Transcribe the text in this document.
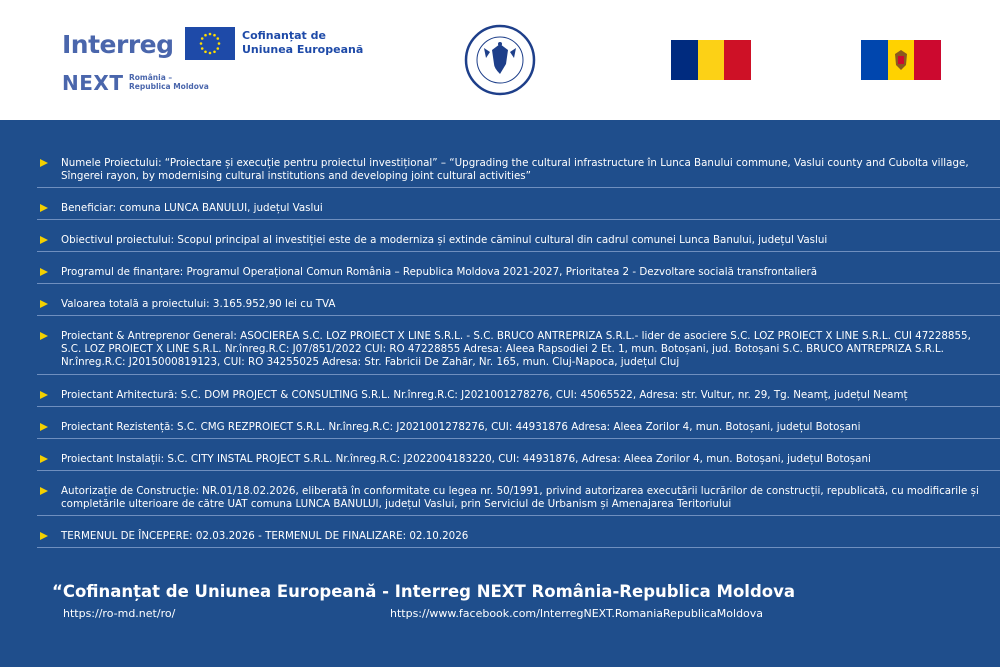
Interreg
NEXT România –
Republica Moldova
Cofinanțat de
Uniunea Europeană
Numele Proiectului: “Proiectare și execuție pentru proiectul investițional” – “Upgrading the cultural infrastructure în Lunca Banului commune, Vaslui county and Cubolta village, Sîngerei rayon, by modernising cultural institutions and developing joint cultural activities”
Beneficiar: comuna LUNCA BANULUI, județul Vaslui
Obiectivul proiectului: Scopul principal al investiției este de a moderniza și extinde căminul cultural din cadrul comunei Lunca Banului, județul Vaslui
Programul de finanțare: Programul Operațional Comun România – Republica Moldova 2021-2027, Prioritatea 2 - Dezvoltare socială transfrontalieră
Valoarea totală a proiectului: 3.165.952,90 lei cu TVA
Proiectant & Antreprenor General: ASOCIEREA S.C. LOZ PROIECT X LINE S.R.L. - S.C. BRUCO ANTREPRIZA S.R.L.- lider de asociere S.C. LOZ PROIECT X LINE S.R.L. CUI 47228855, S.C. LOZ PROIECT X LINE S.R.L. Nr.înreg.R.C: J07/851/2022 CUI: RO 47228855 Adresa: Aleea Rapsodiei 2 Et. 1, mun. Botoșani, jud. Botoșani S.C. BRUCO ANTREPRIZA S.R.L. Nr.înreg.R.C: J2015000819123, CUI: RO 34255025 Adresa: Str. Fabricii De Zahăr, Nr. 165, mun. Cluj-Napoca, județul Cluj
Proiectant Arhitectură: S.C. DOM PROJECT & CONSULTING S.R.L. Nr.înreg.R.C: J2021001278276, CUI: 45065522, Adresa: str. Vultur, nr. 29, Tg. Neamț, județul Neamț
Proiectant Rezistență: S.C. CMG REZPROIECT S.R.L. Nr.înreg.R.C: J2021001278276, CUI: 44931876 Adresa: Aleea Zorilor 4, mun. Botoșani, județul Botoșani
Proiectant Instalații: S.C. CITY INSTAL PROJECT S.R.L. Nr.înreg.R.C: J2022004183220, CUI: 44931876, Adresa: Aleea Zorilor 4, mun. Botoșani, județul Botoșani
Autorizație de Construcție: NR.01/18.02.2026, eliberată în conformitate cu legea nr. 50/1991, privind autorizarea executării lucrărilor de construcții, republicată, cu modificarile și completările ulterioare de către UAT comuna LUNCA BANULUI, județul Vaslui, prin Serviciul de Urbanism și Amenajarea Teritoriului
TERMENUL DE ÎNCEPERE: 02.03.2026 - TERMENUL DE FINALIZARE: 02.10.2026
“Cofinanțat de Uniunea Europeană - Interreg NEXT România-Republica Moldova
https://ro-md.net/ro/	https://www.facebook.com/InterregNEXT.RomaniaRepublicaMoldova
